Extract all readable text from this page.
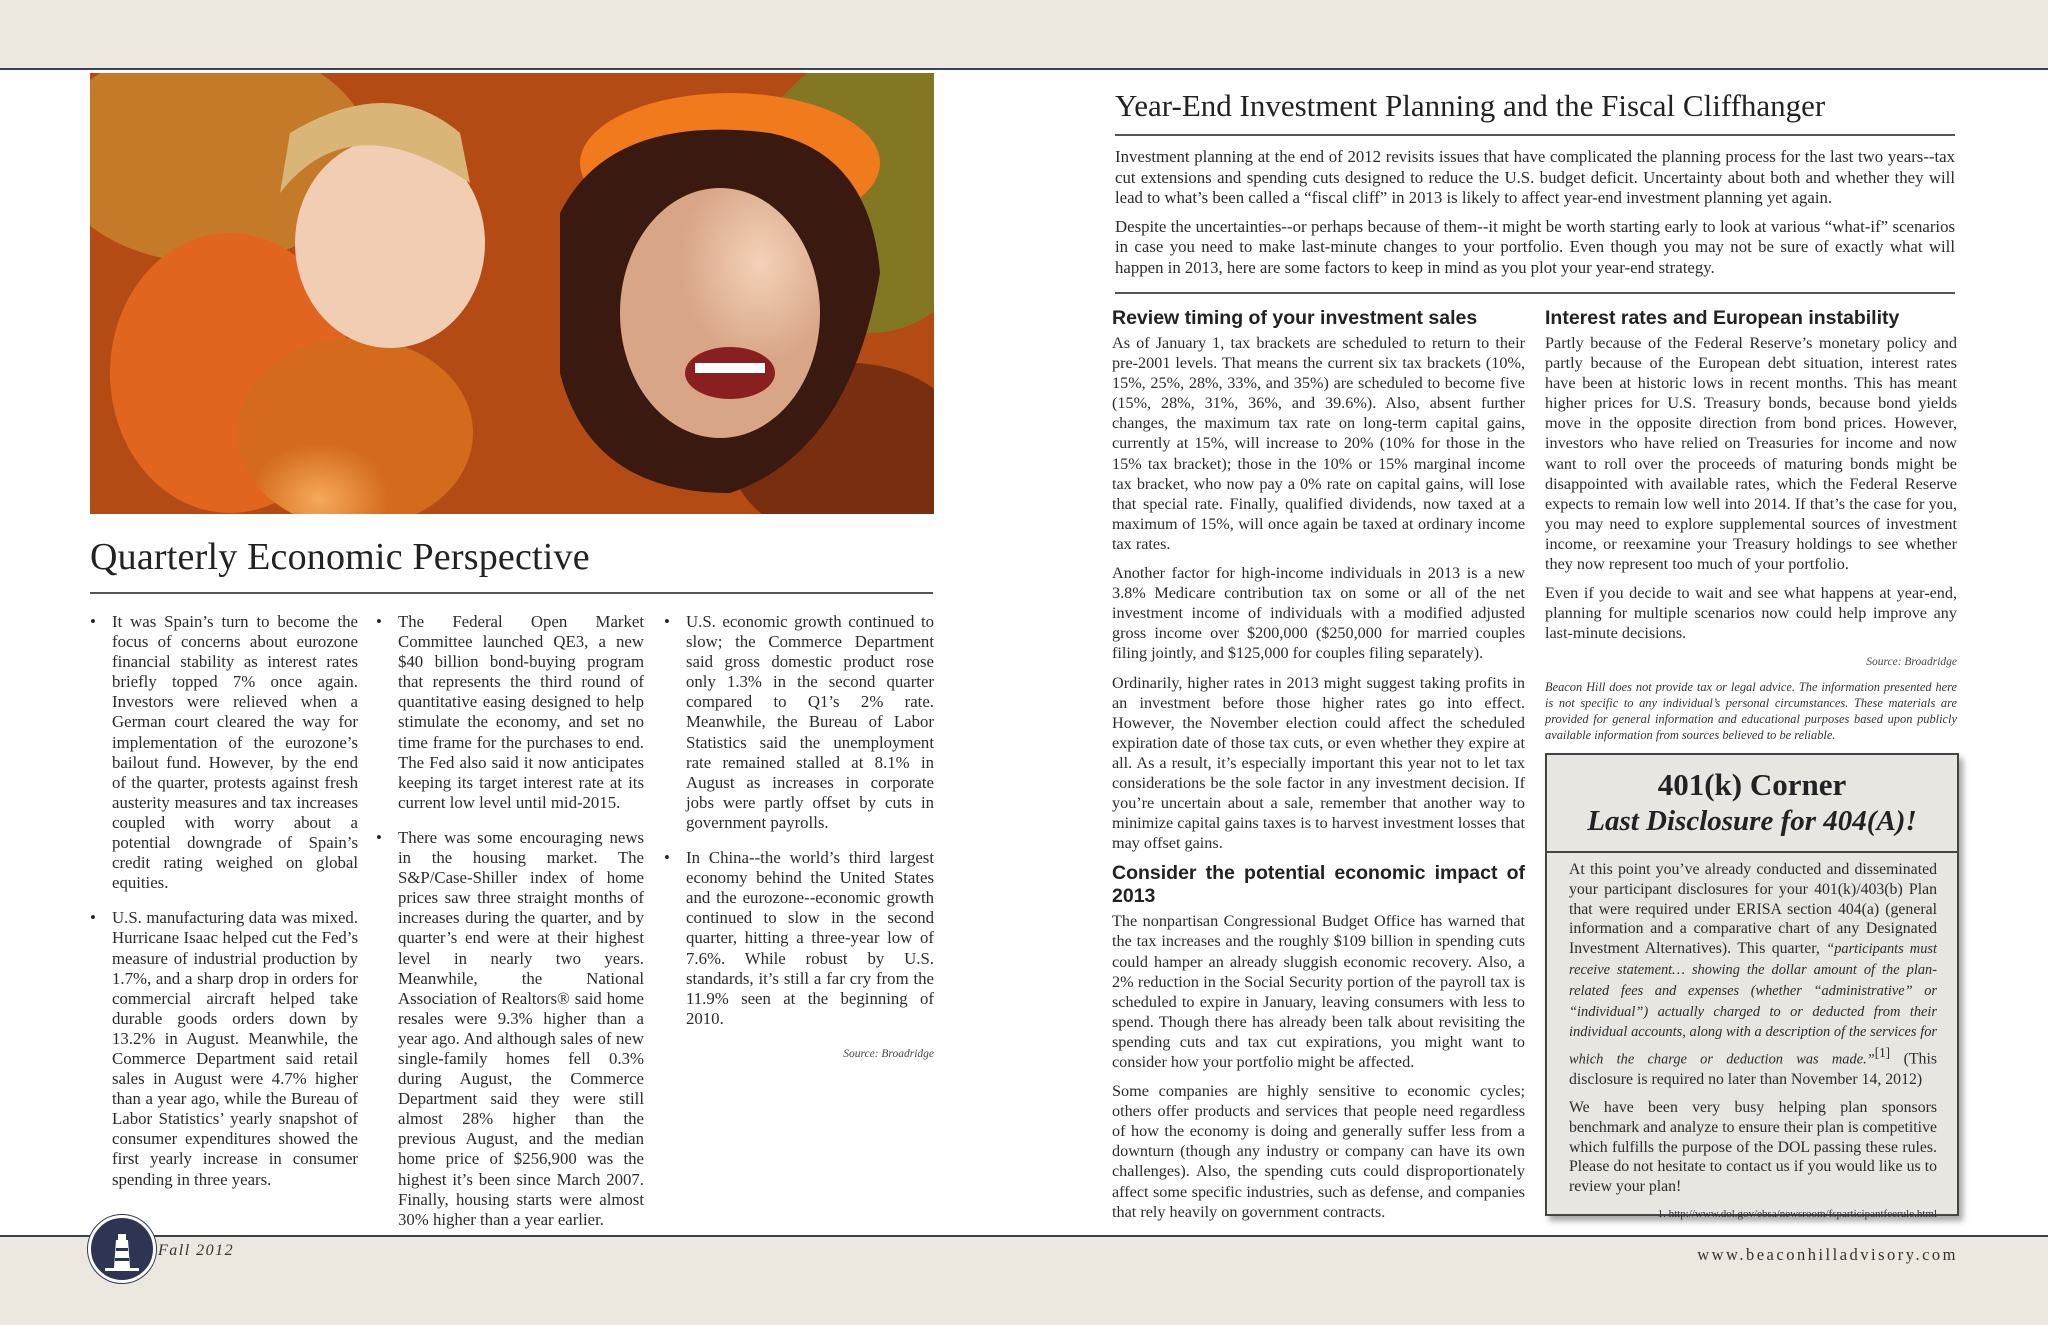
Quarterly Economic Perspective
• It was Spain’s turn to become the focus of concerns about eurozone financial stability as interest rates briefly topped 7% once again. Investors were relieved when a German court cleared the way for implementation of the eurozone’s bailout fund. However, by the end of the quarter, protests against fresh austerity measures and tax increases coupled with worry about a potential downgrade of Spain’s credit rating weighed on global equities.
• U.S. manufacturing data was mixed. Hurricane Isaac helped cut the Fed’s measure of industrial production by 1.7%, and a sharp drop in orders for commercial aircraft helped take durable goods orders down by 13.2% in August. Meanwhile, the Commerce Department said retail sales in August were 4.7% higher than a year ago, while the Bureau of Labor Statistics’ yearly snapshot of consumer expenditures showed the first yearly increase in consumer spending in three years.
• The Federal Open Market Committee launched QE3, a new $40 billion bond-buying program that represents the third round of quantitative easing designed to help stimulate the economy, and set no time frame for the purchases to end. The Fed also said it now anticipates keeping its target interest rate at its current low level until mid-2015.
• There was some encouraging news in the housing market. The S&P/Case-Shiller index of home prices saw three straight months of increases during the quarter, and by quarter’s end were at their highest level in nearly two years. Meanwhile, the National Association of Realtors® said home resales were 9.3% higher than a year ago. And although sales of new single-family homes fell 0.3% during August, the Commerce Department said they were still almost 28% higher than the previous August, and the median home price of $256,900 was the highest it’s been since March 2007. Finally, housing starts were almost 30% higher than a year earlier.
• U.S. economic growth continued to slow; the Commerce Department said gross domestic product rose only 1.3% in the second quarter compared to Q1’s 2% rate. Meanwhile, the Bureau of Labor Statistics said the unemployment rate remained stalled at 8.1% in August as increases in corporate jobs were partly offset by cuts in government payrolls.
• In China--the world’s third largest economy behind the United States and the eurozone--economic growth continued to slow in the second quarter, hitting a three-year low of 7.6%. While robust by U.S. standards, it’s still a far cry from the 11.9% seen at the beginning of 2010.
Source: Broadridge
Fall 2012	www.beaconhilladvisory.com
Year-End Investment Planning and the Fiscal Cliffhanger

Investment planning at the end of 2012 revisits issues that have complicated the planning process for the last two years--tax cut extensions and spending cuts designed to reduce the U.S. budget deficit. Uncertainty about both and whether they will lead to what’s been called a “fiscal cliff” in 2013 is likely to affect year-end investment planning yet again.

Despite the uncertainties--or perhaps because of them--it might be worth starting early to look at various “what-if” scenarios in case you need to make last-minute changes to your portfolio. Even though you may not be sure of exactly what will happen in 2013, here are some factors to keep in mind as you plot your year-end strategy.

Review timing of your investment sales

As of January 1, tax brackets are scheduled to return to their pre-2001 levels. That means the current six tax brackets (10%, 15%, 25%, 28%, 33%, and 35%) are scheduled to become five (15%, 28%, 31%, 36%, and 39.6%). Also, absent further changes, the maximum tax rate on long-term capital gains, currently at 15%, will increase to 20% (10% for those in the 15% tax bracket); those in the 10% or 15% marginal income tax bracket, who now pay a 0% rate on capital gains, will lose that special rate. Finally, qualified dividends, now taxed at a maximum of 15%, will once again be taxed at ordinary income tax rates.

Another factor for high-income individuals in 2013 is a new 3.8% Medicare contribution tax on some or all of the net investment income of individuals with a modified adjusted gross income over $200,000 ($250,000 for married couples filing jointly, and $125,000 for couples filing separately).

Ordinarily, higher rates in 2013 might suggest taking profits in an investment before those higher rates go into effect. However, the November election could affect the scheduled expiration date of those tax cuts, or even whether they expire at all. As a result, it’s especially important this year not to let tax considerations be the sole factor in any investment decision. If you’re uncertain about a sale, remember that another way to minimize capital gains taxes is to harvest investment losses that may offset gains.

Consider the potential economic impact of 2013

The nonpartisan Congressional Budget Office has warned that the tax increases and the roughly $109 billion in spending cuts could hamper an already sluggish economic recovery. Also, a 2% reduction in the Social Security portion of the payroll tax is scheduled to expire in January, leaving consumers with less to spend. Though there has already been talk about revisiting the spending cuts and tax cut expirations, you might want to consider how your portfolio might be affected.

Some companies are highly sensitive to economic cycles; others offer products and services that people need regardless of how the economy is doing and generally suffer less from a downturn (though any industry or company can have its own challenges). Also, the spending cuts could disproportionately affect some specific industries, such as defense, and companies that rely heavily on government contracts.

Interest rates and European instability

Partly because of the Federal Reserve’s monetary policy and partly because of the European debt situation, interest rates have been at historic lows in recent months. This has meant higher prices for U.S. Treasury bonds, because bond yields move in the opposite direction from bond prices. However, investors who have relied on Treasuries for income and now want to roll over the proceeds of maturing bonds might be disappointed with available rates, which the Federal Reserve expects to remain low well into 2014. If that’s the case for you, you may need to explore supplemental sources of investment income, or reexamine your Treasury holdings to see whether they now represent too much of your portfolio.

Even if you decide to wait and see what happens at year-end, planning for multiple scenarios now could help improve any last-minute decisions.

Source: Broadridge
Beacon Hill does not provide tax or legal advice. The information presented here is not specific to any individual’s personal circumstances. These materials are provided for general information and educational purposes based upon publicly available information from sources believed to be reliable.
401(k) Corner
Last Disclosure for 404(A)!

At this point you’ve already conducted and disseminated your participant disclosures for your 401(k)/403(b) Plan that were required under ERISA section 404(a) (general information and a comparative chart of any Designated Investment Alternatives). This quarter, “participants must receive statement… showing the dollar amount of the plan-related fees and expenses (whether “administrative” or “individual”) actually charged to or deducted from their individual accounts, along with a description of the services for which the charge or deduction was made.”[1] (This disclosure is required no later than November 14, 2012)

We have been very busy helping plan sponsors benchmark and analyze to ensure their plan is competitive which fulfills the purpose of the DOL passing these rules. Please do not hesitate to contact us if you would like us to review your plan!

1. http://www.dol.gov/ebsa/newsroom/fsparticipantfeerule.html
